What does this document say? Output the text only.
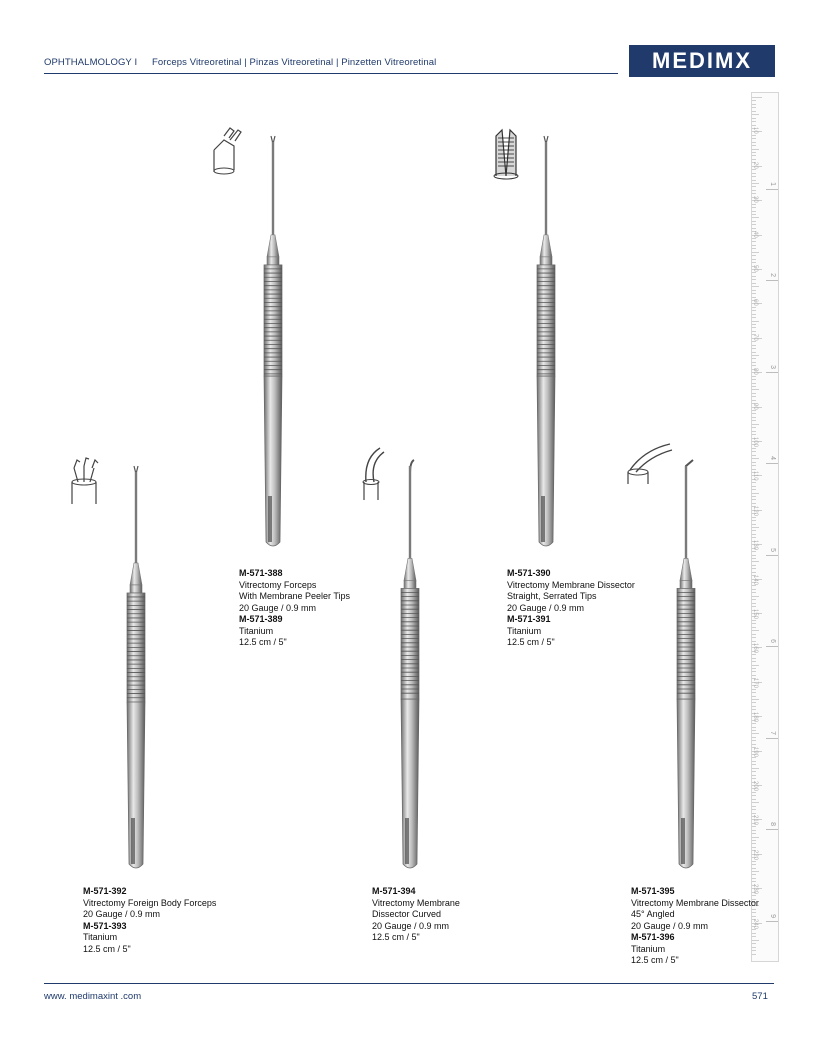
OPHTHALMOLOGY I Forceps Vitreoretinal | Pinzas Vitreoretinal | Pinzetten Vitreoretinal	MEDIMX
10
20
30
40
50
60
70
80
90
100
110
120
130
140
150
160
170
180
190
200
210
220
230
240
1
2
3
4
5
6
7
8
9
M-571-388
Vitrectomy Forceps
With Membrane Peeler Tips
20 Gauge / 0.9 mm
M-571-389
Titanium
12.5 cm / 5"
M-571-390
Vitrectomy Membrane Dissector
Straight, Serrated Tips
20 Gauge / 0.9 mm
M-571-391
Titanium
12.5 cm / 5"
M-571-392
Vitrectomy Foreign Body Forceps
20 Gauge / 0.9 mm
M-571-393
Titanium
12.5 cm / 5"
M-571-394
Vitrectomy Membrane
Dissector Curved
20 Gauge / 0.9 mm
12.5 cm / 5"
M-571-395
Vitrectomy Membrane Dissector
45° Angled
20 Gauge / 0.9 mm
M-571-396
Titanium
12.5 cm / 5"
www. medimaxint .com	571
